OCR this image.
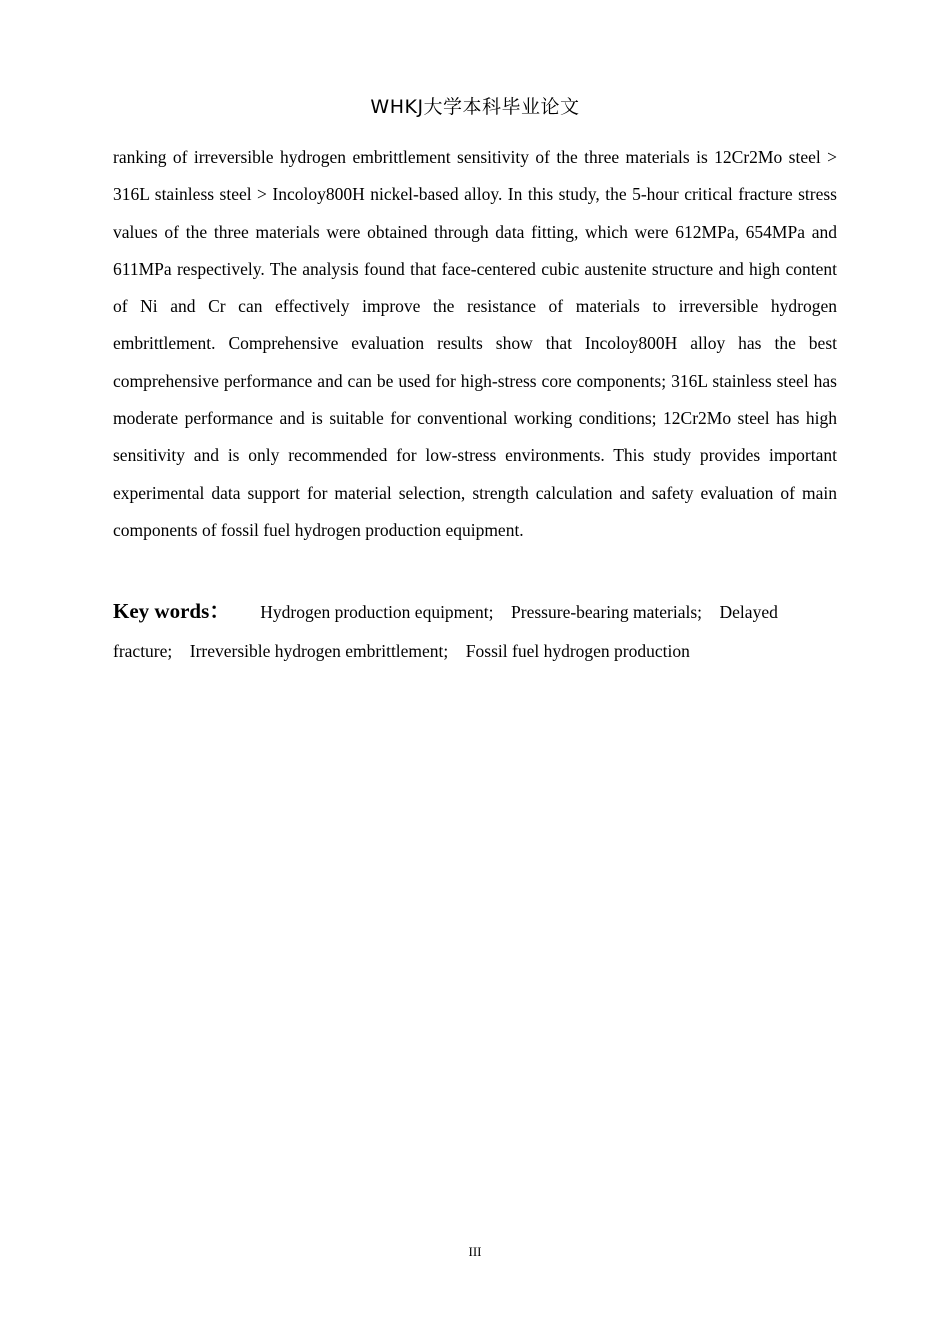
WHKJ大学本科毕业论文

ranking of irreversible hydrogen embrittlement sensitivity of the three materials is 12Cr2Mo steel > 316L stainless steel > Incoloy800H nickel-based alloy. In this study, the 5-hour critical fracture stress values of the three materials were obtained through data fitting, which were 612MPa, 654MPa and 611MPa respectively. The analysis found that face-centered cubic austenite structure and high content of Ni and Cr can effectively improve the resistance of materials to irreversible hydrogen embrittlement. Comprehensive evaluation results show that Incoloy800H alloy has the best comprehensive performance and can be used for high-stress core components; 316L stainless steel has moderate performance and is suitable for conventional working conditions; 12Cr2Mo steel has high sensitivity and is only recommended for low-stress environments. This study provides important experimental data support for material selection, strength calculation and safety evaluation of main components of fossil fuel hydrogen production equipment.

Key words： Hydrogen production equipment; Pressure-bearing materials; Delayed fracture; Irreversible hydrogen embrittlement; Fossil fuel hydrogen production

III
